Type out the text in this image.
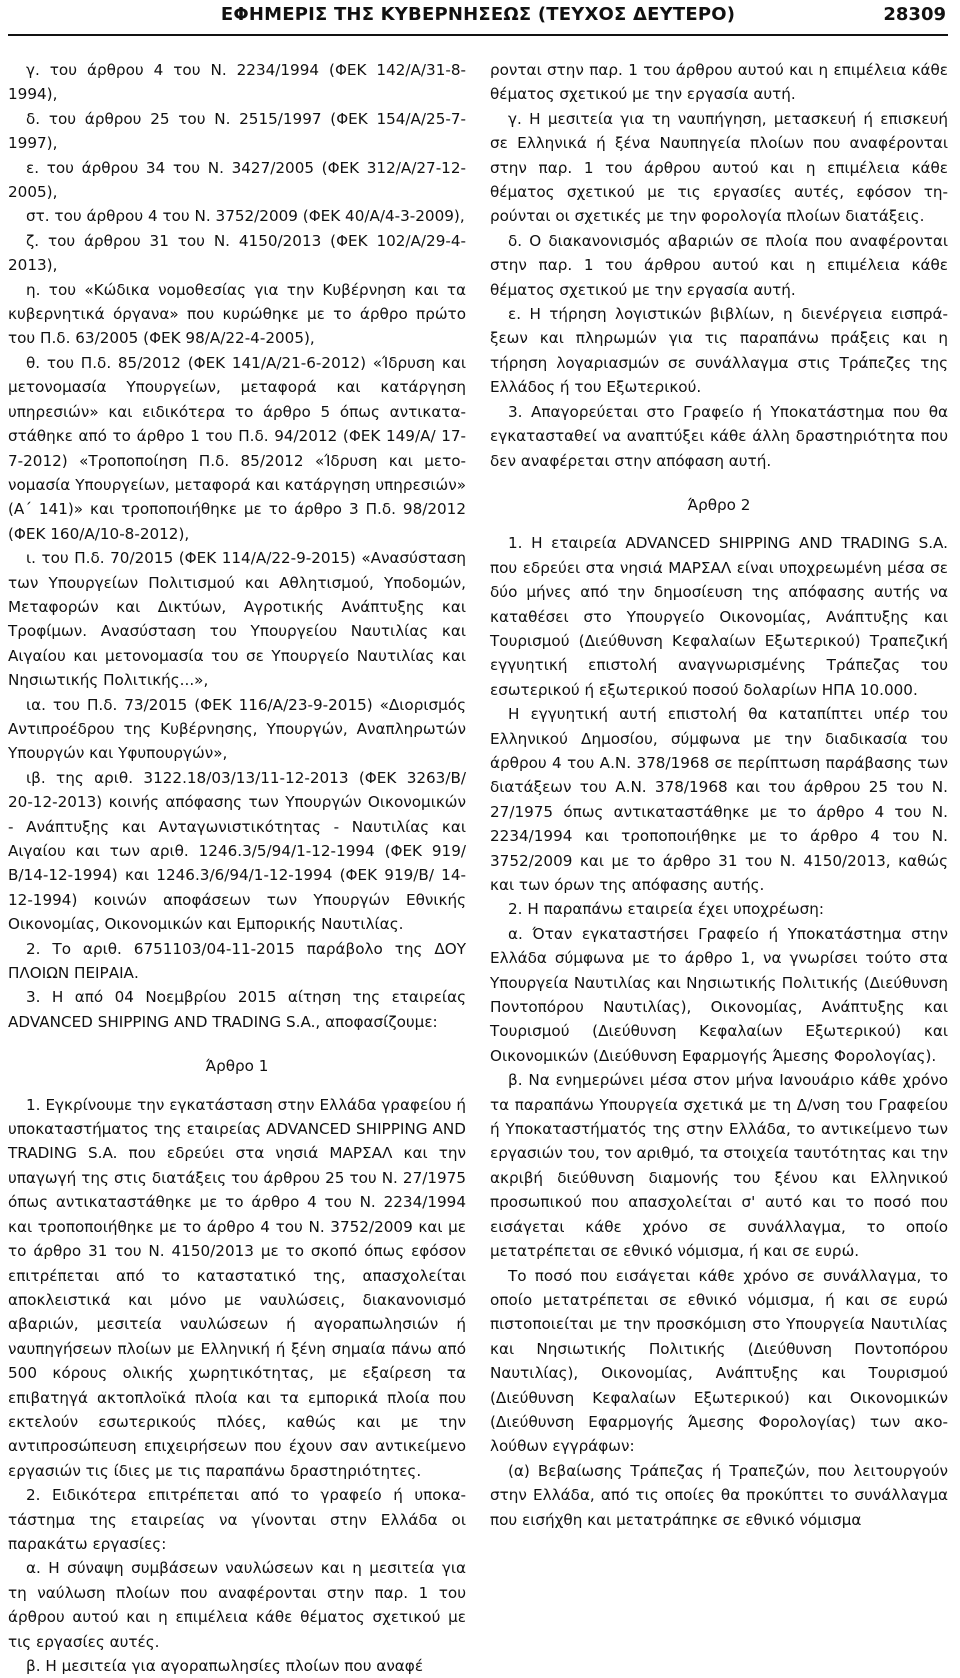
ΕΦΗΜΕΡΙΣ ΤΗΣ ΚΥΒΕΡΝΗΣΕΩΣ (ΤΕΥΧΟΣ ΔΕΥΤΕΡΟ)	28309

γ. του άρθρου 4 του Ν. 2234/1994 (ΦΕΚ 142/Α/31-8-1994),

δ. του άρθρου 25 του Ν. 2515/1997 (ΦΕΚ 154/Α/25-7-1997),

ε. του άρθρου 34 του Ν. 3427/2005 (ΦΕΚ 312/Α/27-12-2005),

στ. του άρθρου 4 του Ν. 3752/2009 (ΦΕΚ 40/Α/4-3-2009),

ζ. του άρθρου 31 του Ν. 4150/2013 (ΦΕΚ 102/Α/29-4-2013),

η. του «Κώδικα νομοθεσίας για την Κυβέρνηση και τα κυβερνητικά όργανα» που κυρώθηκε με το άρθρο πρώτο του Π.δ. 63/2005 (ΦΕΚ 98/Α/22-4-2005),

θ. του Π.δ. 85/2012 (ΦΕΚ 141/Α/21-6-2012) «Ίδρυση και μετονομασία Υπουργείων, μεταφορά και κατάργηση υπηρεσιών» και ειδικότερα το άρθρο 5 όπως αντικαταστάθηκε από το άρθρο 1 του Π.δ. 94/2012 (ΦΕΚ 149/Α/ 17-7-2012) «Τροποποίηση Π.δ. 85/2012 «Ίδρυση και μετονομασία Υπουργείων, μεταφορά και κατάργηση υπηρεσιών» (Α΄ 141)» και τροποποιήθηκε με το άρθρο 3 Π.δ. 98/2012 (ΦΕΚ 160/Α/10-8-2012),

ι. του Π.δ. 70/2015 (ΦΕΚ 114/Α/22-9-2015) «Ανασύσταση των Υπουργείων Πολιτισμού και Αθλητισμού, Υποδομών, Μεταφορών και Δικτύων, Αγροτικής Ανάπτυξης και Τροφίμων. Ανασύσταση του Υπουργείου Ναυτιλίας και Αιγαίου και μετονομασία του σε Υπουργείο Ναυτιλίας και Νησιωτικής Πολιτικής...»,

ια. του Π.δ. 73/2015 (ΦΕΚ 116/Α/23-9-2015) «Διορισμός Αντιπροέδρου της Κυβέρνησης, Υπουργών, Αναπληρωτών Υπουργών και Υφυπουργών»,

ιβ. της αριθ. 3122.18/03/13/11-12-2013 (ΦΕΚ 3263/Β/ 20-12-2013) κοινής απόφασης των Υπουργών Οικονομικών - Ανάπτυξης και Ανταγωνιστικότητας - Ναυτιλίας και Αιγαίου και των αριθ. 1246.3/5/94/1-12-1994 (ΦΕΚ 919/Β/14-12-1994) και 1246.3/6/94/1-12-1994 (ΦΕΚ 919/Β/ 14-12-1994) κοινών αποφάσεων των Υπουργών Εθνικής Οικονομίας, Οικονομικών και Εμπορικής Ναυτιλίας.

2. Το αριθ. 6751103/04-11-2015 παράβολο της ΔΟΥ ΠΛΟΙΩΝ ΠΕΙΡΑΙΑ.

3. Η από 04 Νοεμβρίου 2015 αίτηση της εταιρείας ADVANCED SHIPPING AND TRADING S.A., αποφασίζουμε:

Άρθρο 1

1. Εγκρίνουμε την εγκατάσταση στην Ελλάδα γραφείου ή υποκαταστήματος της εταιρείας ADVANCED SHIPPING AND TRADING S.A. που εδρεύει στα νησιά ΜΑΡΣΑΛ και την υπαγωγή της στις διατάξεις του άρθρου 25 του Ν. 27/1975 όπως αντικαταστάθηκε με το άρθρο 4 του Ν. 2234/1994 και τροποποιήθηκε με το άρθρο 4 του Ν. 3752/2009 και με το άρθρο 31 του Ν. 4150/2013 με το σκοπό όπως εφόσον επιτρέπεται από το καταστατικό της, απασχολείται αποκλειστικά και μόνο με ναυλώσεις, διακανονισμό αβαριών, μεσιτεία ναυλώσεων ή αγοραπωλησιών ή ναυπηγήσεων πλοίων με Ελληνική ή ξένη σημαία πάνω από 500 κόρους ολικής χωρητικότητας, με εξαίρεση τα επιβατηγά ακτοπλοϊκά πλοία και τα εμπορικά πλοία που εκτελούν εσωτερικούς πλόες, καθώς και με την αντιπροσώπευση επιχειρήσεων που έχουν σαν αντικείμενο εργασιών τις ίδιες με τις παραπάνω δραστηριότητες.

2. Ειδικότερα επιτρέπεται από το γραφείο ή υποκατάστημα της εταιρείας να γίνονται στην Ελλάδα οι παρακάτω εργασίες:

α. Η σύναψη συμβάσεων ναυλώσεων και η μεσιτεία για τη ναύλωση πλοίων που αναφέρονται στην παρ. 1 του άρθρου αυτού και η επιμέλεια κάθε θέματος σχετικού με τις εργασίες αυτές.

β. Η μεσιτεία για αγοραπωλησίες πλοίων που αναφέ

ρονται στην παρ. 1 του άρθρου αυτού και η επιμέλεια κάθε θέματος σχετικού με την εργασία αυτή.

γ. Η μεσιτεία για τη ναυπήγηση, μετασκευή ή επισκευή σε Ελληνικά ή ξένα Ναυπηγεία πλοίων που αναφέρονται στην παρ. 1 του άρθρου αυτού και η επιμέλεια κάθε θέματος σχετικού με τις εργασίες αυτές, εφόσον τηρούνται οι σχετικές με την φορολογία πλοίων διατάξεις.

δ. Ο διακανονισμός αβαριών σε πλοία που αναφέρονται στην παρ. 1 του άρθρου αυτού και η επιμέλεια κάθε θέματος σχετικού με την εργασία αυτή.

ε. Η τήρηση λογιστικών βιβλίων, η διενέργεια εισπράξεων και πληρωμών για τις παραπάνω πράξεις και η τήρηση λογαριασμών σε συνάλλαγμα στις Τράπεζες της Ελλάδος ή του Εξωτερικού.

3. Απαγορεύεται στο Γραφείο ή Υποκατάστημα που θα εγκατασταθεί να αναπτύξει κάθε άλλη δραστηριότητα που δεν αναφέρεται στην απόφαση αυτή.

Άρθρο 2

1. Η εταιρεία ADVANCED SHIPPING AND TRADING S.A. που εδρεύει στα νησιά ΜΑΡΣΑΛ είναι υποχρεωμένη μέσα σε δύο μήνες από την δημοσίευση της απόφασης αυτής να καταθέσει στο Υπουργείο Οικονομίας, Ανάπτυξης και Τουρισμού (Διεύθυνση Κεφαλαίων Εξωτερικού) Τραπεζική εγγυητική επιστολή αναγνωρισμένης Τράπεζας του εσωτερικού ή εξωτερικού ποσού δολαρίων ΗΠΑ 10.000.

Η εγγυητική αυτή επιστολή θα καταπίπτει υπέρ του Ελληνικού Δημοσίου, σύμφωνα με την διαδικασία του άρθρου 4 του Α.Ν. 378/1968 σε περίπτωση παράβασης των διατάξεων του Α.Ν. 378/1968 και του άρθρου 25 του Ν. 27/1975 όπως αντικαταστάθηκε με το άρθρο 4 του Ν. 2234/1994 και τροποποιήθηκε με το άρθρο 4 του Ν. 3752/2009 και με το άρθρο 31 του Ν. 4150/2013, καθώς και των όρων της απόφασης αυτής.

2. Η παραπάνω εταιρεία έχει υποχρέωση:

α. Όταν εγκαταστήσει Γραφείο ή Υποκατάστημα στην Ελλάδα σύμφωνα με το άρθρο 1, να γνωρίσει τούτο στα Υπουργεία Ναυτιλίας και Νησιωτικής Πολιτικής (Διεύθυνση Ποντοπόρου Ναυτιλίας), Οικονομίας, Ανάπτυξης και Τουρισμού (Διεύθυνση Κεφαλαίων Εξωτερικού) και Οικονομικών (Διεύθυνση Εφαρμογής Άμεσης Φορολογίας).

β. Να ενημερώνει μέσα στον μήνα Ιανουάριο κάθε χρόνο τα παραπάνω Υπουργεία σχετικά με τη Δ/νση του Γραφείου ή Υποκαταστήματός της στην Ελλάδα, το αντικείμενο των εργασιών του, τον αριθμό, τα στοιχεία ταυτότητας και την ακριβή διεύθυνση διαμονής του ξένου και Ελληνικού προσωπικού που απασχολείται σ' αυτό και το ποσό που εισάγεται κάθε χρόνο σε συνάλλαγμα, το οποίο μετατρέπεται σε εθνικό νόμισμα, ή και σε ευρώ.

Το ποσό που εισάγεται κάθε χρόνο σε συνάλλαγμα, το οποίο μετατρέπεται σε εθνικό νόμισμα, ή και σε ευρώ πιστοποιείται με την προσκόμιση στο Υπουργεία Ναυτιλίας και Νησιωτικής Πολιτικής (Διεύθυνση Ποντοπόρου Ναυτιλίας), Οικονομίας, Ανάπτυξης και Τουρισμού (Διεύθυνση Κεφαλαίων Εξωτερικού) και Οικονομικών (Διεύθυνση Εφαρμογής Άμεσης Φορολογίας) των ακολούθων εγγράφων:

(α) Βεβαίωσης Τράπεζας ή Τραπεζών, που λειτουργούν στην Ελλάδα, από τις οποίες θα προκύπτει το συνάλλαγμα που εισήχθη και μετατράπηκε σε εθνικό νόμισμα
